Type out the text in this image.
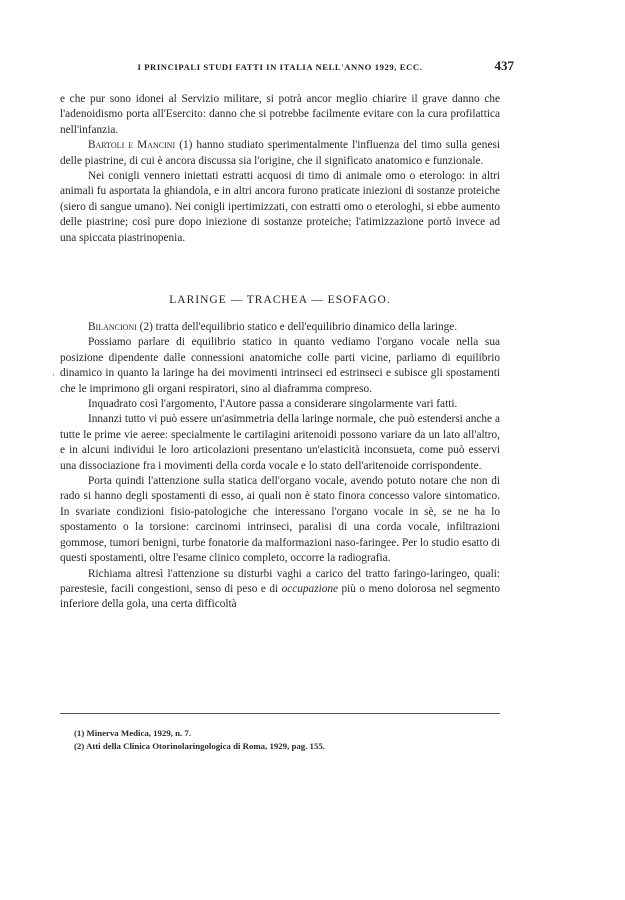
I PRINCIPALI STUDI FATTI IN ITALIA NELL'ANNO 1929, ECC.	437

e che pur sono idonei al Servizio militare, si potrà ancor meglio chiarire il grave danno che l'adenoidismo porta all'Esercito: danno che si potrebbe facilmente evitare con la cura profilattica nell'infanzia.

Bartoli e Mancini (1) hanno studiato sperimentalmente l'influenza del timo sulla genesi delle piastrine, di cui è ancora discussa sia l'origine, che il significato anatomico e funzionale.

Nei conigli vennero iniettati estratti acquosi di timo di animale omo o eterologo: in altri animali fu asportata la ghiandola, e in altri ancora furono praticate iniezioni di sostanze proteiche (siero di sangue umano). Nei conigli ipertimizzati, con estratti omo o eterologhi, si ebbe aumento delle piastrine; così pure dopo iniezione di sostanze proteiche; l'atimizzazione portò invece ad una spiccata piastrinopenia.

LARINGE — TRACHEA — ESOFAGO.
·

Bilancioni (2) tratta dell'equilibrio statico e dell'equilibrio dinamico della laringe.

Possiamo parlare di equilibrio statico in quanto vediamo l'organo vocale nella sua posizione dipendente dalle connessioni anatomiche colle parti vicine, parliamo di equilibrio dinamico in quanto la laringe ha dei movimenti intrinseci ed estrinseci e subisce gli spostamenti che le imprimono gli organi respiratori, sino al diaframma compreso.

Inquadrato così l'argomento, l'Autore passa a considerare singolarmente vari fatti.

Innanzi tutto vi può essere un'asimmetria della laringe normale, che può estendersi anche a tutte le prime vie aeree: specialmente le cartilagini aritenoidi possono variare da un lato all'altro, e in alcuni individui le loro articolazioni presentano un'elasticità inconsueta, come può esservi una dissociazione fra i movimenti della corda vocale e lo stato dell'aritenoide corrispondente.

Porta quindi l'attenzione sulla statica dell'organo vocale, avendo potuto notare che non di rado si hanno degli spostamenti di esso, ai quali non è stato finora concesso valore sintomatico. In svariate condizioni fisio-patologiche che interessano l'organo vocale in sè, se ne ha lo spostamento o la torsione: carcinomi intrinseci, paralisi di una corda vocale, infiltrazioni gommose, tumori benigni, turbe fonatorie da malformazioni naso-faringee. Per lo studio esatto di questi spostamenti, oltre l'esame clinico completo, occorre la radiografia.

Richiama altresì l'attenzione su disturbi vaghi a carico del tratto faringo-laringeo, quali: parestesie, facili congestioni, senso di peso e di occupazione più o meno dolorosa nel segmento inferiore della gola, una certa difficoltà

(1) Minerva Medica, 1929, n. 7.

(2) Atti della Clinica Otorinolaringologica di Roma, 1929, pag. 155.
